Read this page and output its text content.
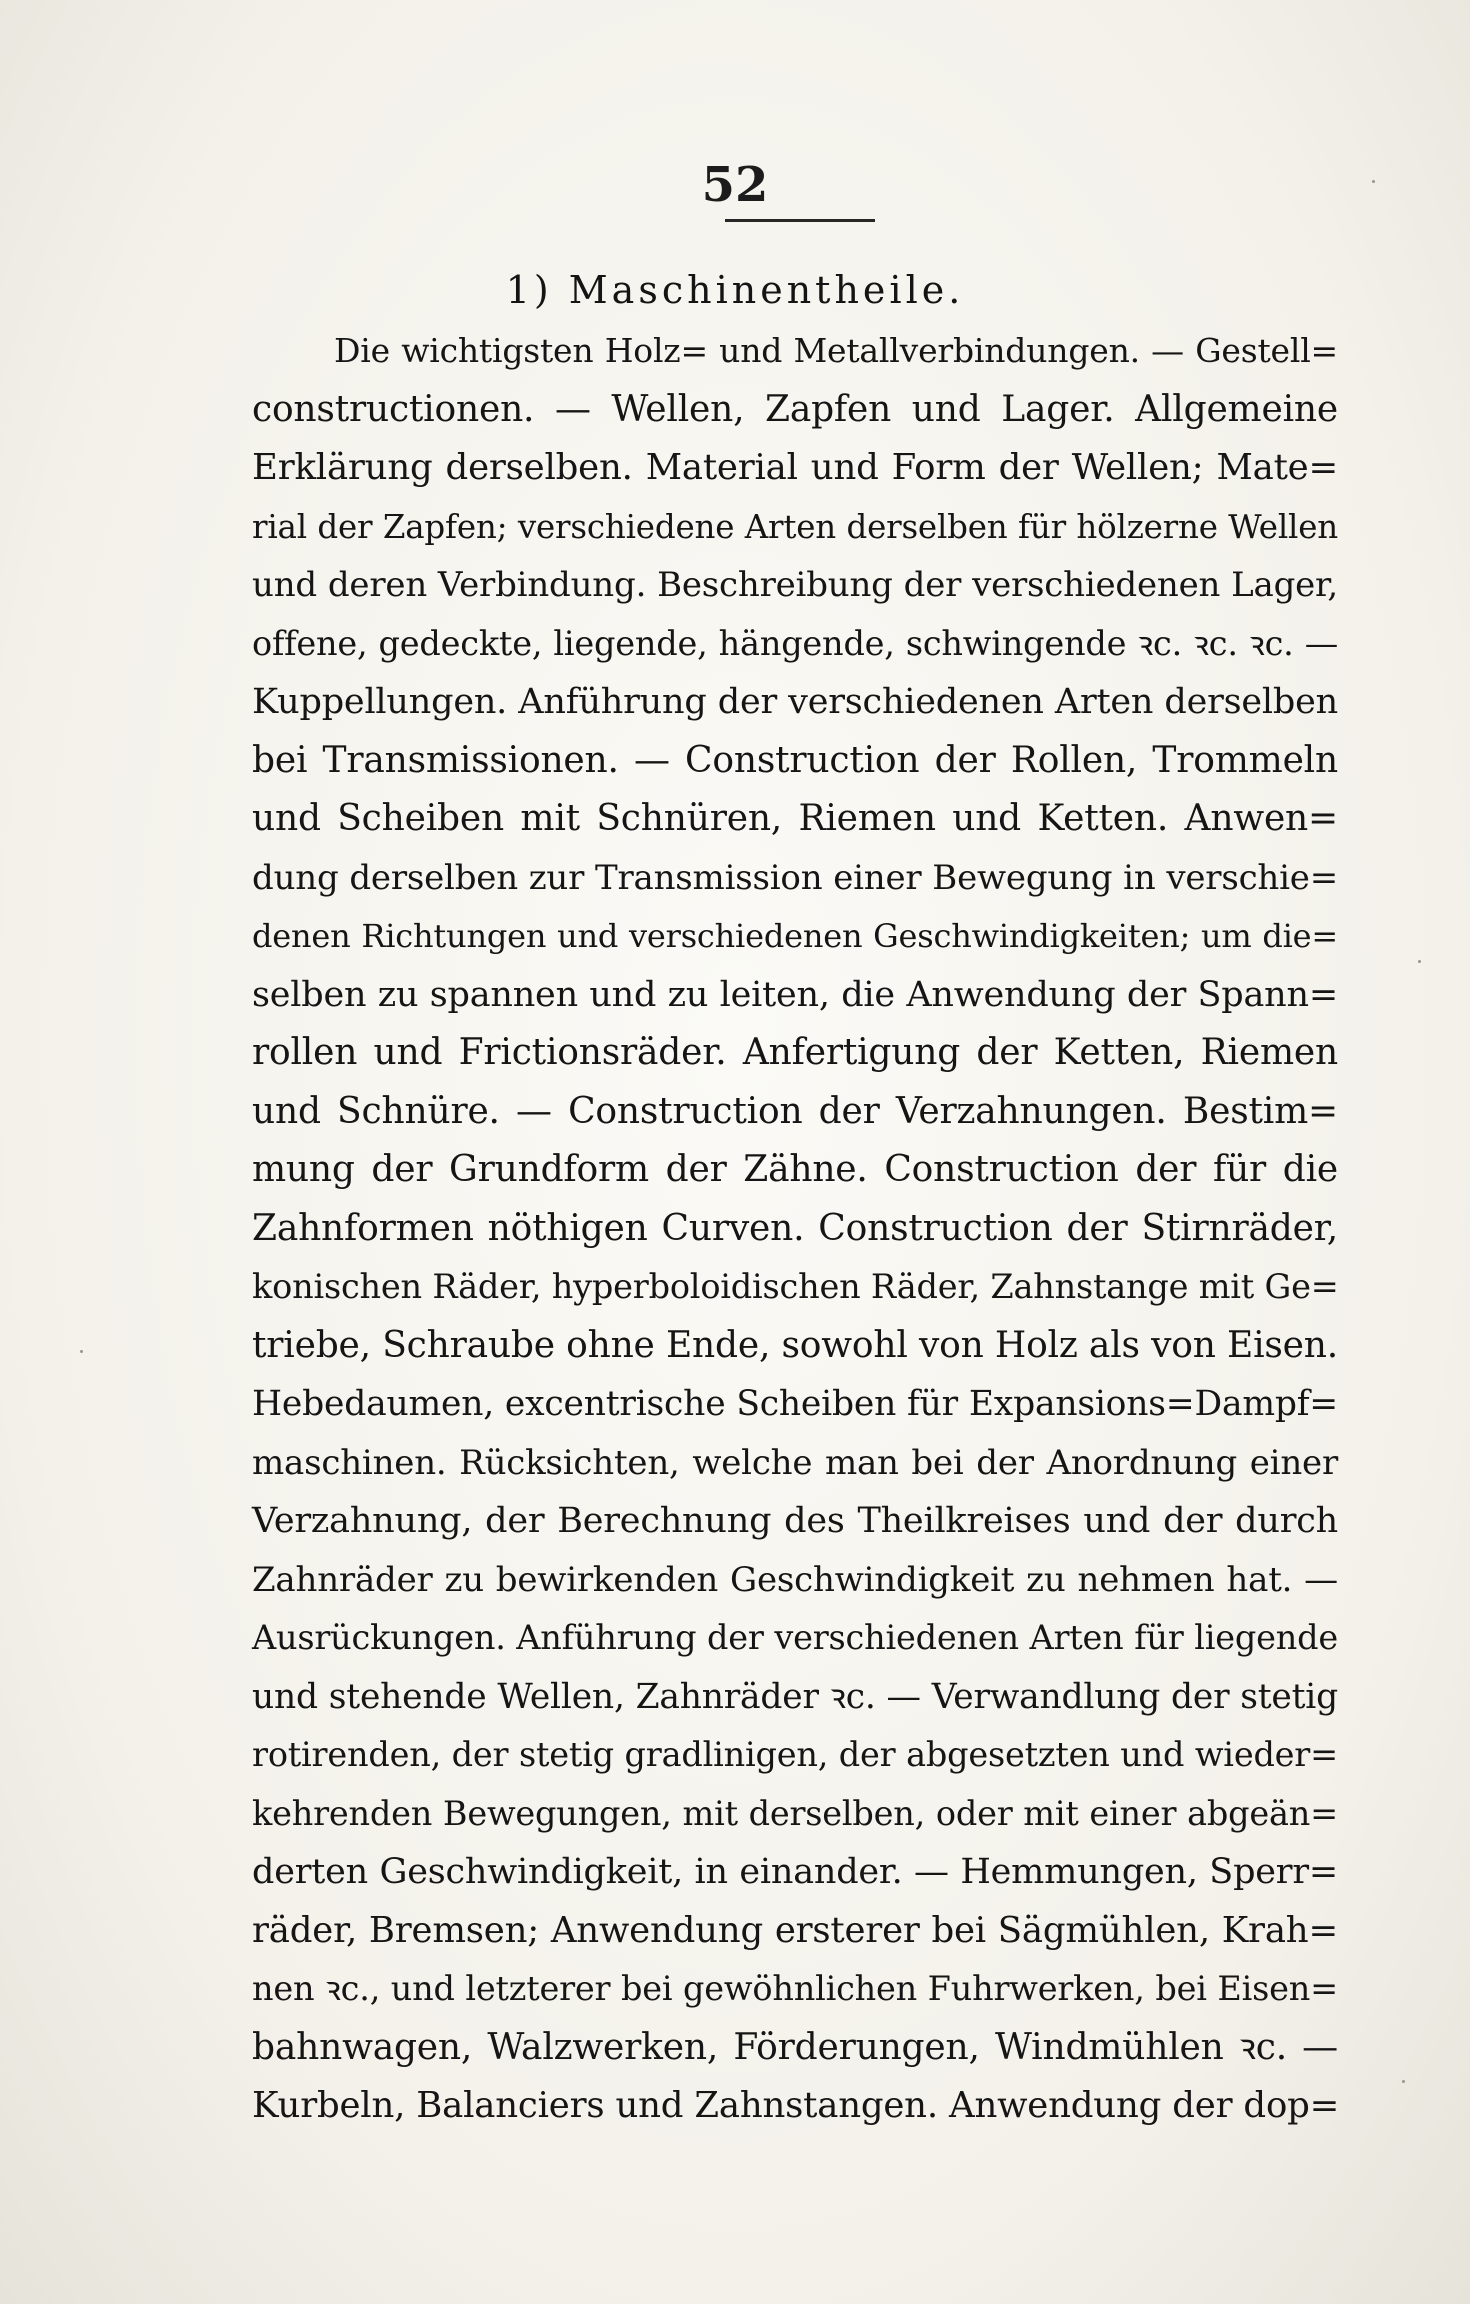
52
1) Maschinentheile.
Die wichtigsten Holz= und Metallverbindungen. — Gestell=
constructionen. — Wellen, Zapfen und Lager. Allgemeine
Erklärung derselben. Material und Form der Wellen; Mate=
rial der Zapfen; verschiedene Arten derselben für hölzerne Wellen
und deren Verbindung. Beschreibung der verschiedenen Lager,
offene, gedeckte, liegende, hängende, schwingende ꝛc. ꝛc. ꝛc. —
Kuppellungen. Anführung der verschiedenen Arten derselben
bei Transmissionen. — Construction der Rollen, Trommeln
und Scheiben mit Schnüren, Riemen und Ketten. Anwen=
dung derselben zur Transmission einer Bewegung in verschie=
denen Richtungen und verschiedenen Geschwindigkeiten; um die=
selben zu spannen und zu leiten, die Anwendung der Spann=
rollen und Frictionsräder. Anfertigung der Ketten, Riemen
und Schnüre. — Construction der Verzahnungen. Bestim=
mung der Grundform der Zähne. Construction der für die
Zahnformen nöthigen Curven. Construction der Stirnräder,
konischen Räder, hyperboloidischen Räder, Zahnstange mit Ge=
triebe, Schraube ohne Ende, sowohl von Holz als von Eisen.
Hebedaumen, excentrische Scheiben für Expansions=Dampf=
maschinen. Rücksichten, welche man bei der Anordnung einer
Verzahnung, der Berechnung des Theilkreises und der durch
Zahnräder zu bewirkenden Geschwindigkeit zu nehmen hat. —
Ausrückungen. Anführung der verschiedenen Arten für liegende
und stehende Wellen, Zahnräder ꝛc. — Verwandlung der stetig
rotirenden, der stetig gradlinigen, der abgesetzten und wieder=
kehrenden Bewegungen, mit derselben, oder mit einer abgeän=
derten Geschwindigkeit, in einander. — Hemmungen, Sperr=
räder, Bremsen; Anwendung ersterer bei Sägmühlen, Krah=
nen ꝛc., und letzterer bei gewöhnlichen Fuhrwerken, bei Eisen=
bahnwagen, Walzwerken, Förderungen, Windmühlen ꝛc. —
Kurbeln, Balanciers und Zahnstangen. Anwendung der dop=
